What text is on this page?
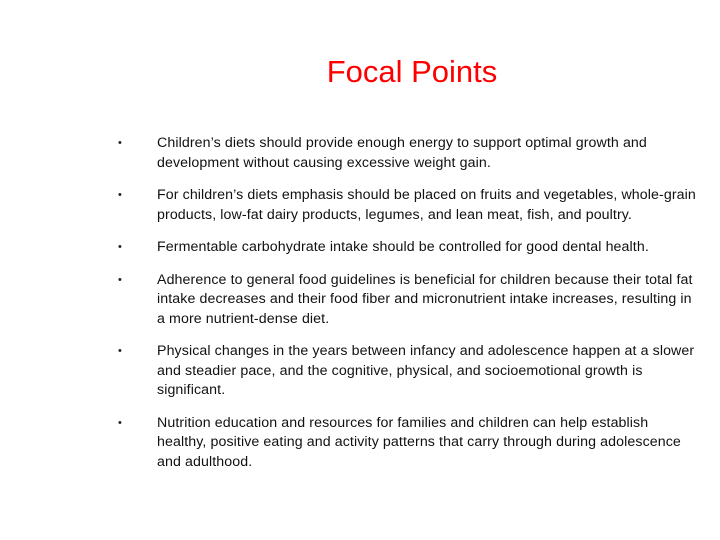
Focal Points
•	Children’s diets should provide enough energy to support optimal growth and development without causing excessive weight gain.
•	For children’s diets emphasis should be placed on fruits and vegetables, whole-grain products, low-fat dairy products, legumes, and lean meat, fish, and poultry.
•	Fermentable carbohydrate intake should be controlled for good dental health.
•	Adherence to general food guidelines is beneficial for children because their total fat intake decreases and their food fiber and micronutrient intake increases, resulting in a more nutrient-dense diet.
•	Physical changes in the years between infancy and adolescence happen at a slower and steadier pace, and the cognitive, physical, and socioemotional growth is significant.
•	Nutrition education and resources for families and children can help establish healthy, positive eating and activity patterns that carry through during adolescence and adulthood.
